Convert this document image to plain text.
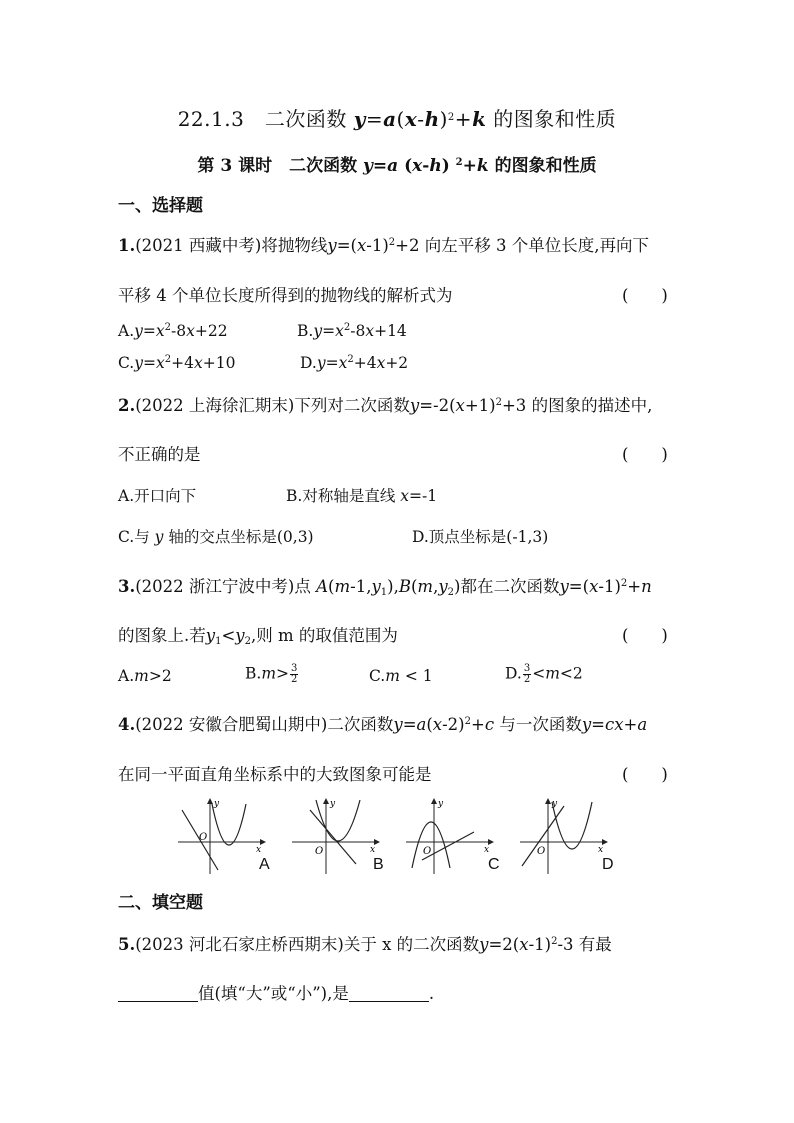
22.1.3　二次函数 $y=a(x-h)^2+k$ 的图象和性质
第 3 课时　二次函数 y=a (x-h) $^2$+k 的图象和性质
一、选择题
1.(2021 西藏中考)将抛物线$y=(x-1)^2+2$ 向左平移 3 个单位长度,再向下
平移 4 个单位长度所得到的抛物线的解析式为	(　　)
$A.y=x^2-8x+22$	$B.y=x^2-8x+14$
$C.y=x^2+4x+10$	$D.y=x^2+4x+2$
2.(2022 上海徐汇期末)下列对二次函数$y=-2(x+1)^2+3$ 的图象的描述中,
不正确的是	(　　)
A.开口向下	B.对称轴是直线 x=-1
C.与 y 轴的交点坐标是(0,3)	D.顶点坐标是(-1,3)
3.(2022 浙江宁波中考)点 $A(m-1,y_1),B(m,y_2)$都在二次函数$y=(x-1)^2+n$
的图象上.若$y_1<y_2$,则 m 的取值范围为	(　　)
A.m>2	$B.m> \frac{3}{2}$	C.m < 1	D. $\frac{3}{2} <m<2$
4.(2022 安徽合肥蜀山期中)二次函数$y=a(x-2)^2+c$ 与一次函数y=cx+a
在同一平面直角坐标系中的大致图象可能是	(　　)
y
x
O
A
y
x
O
B
y
x
O
C
y
x
O
D
二、填空题
5.(2023 河北石家庄桥西期末)关于 x 的二次函数$y=2(x-1)^2-3$ 有最
值(填“大”或“小”),是	.
